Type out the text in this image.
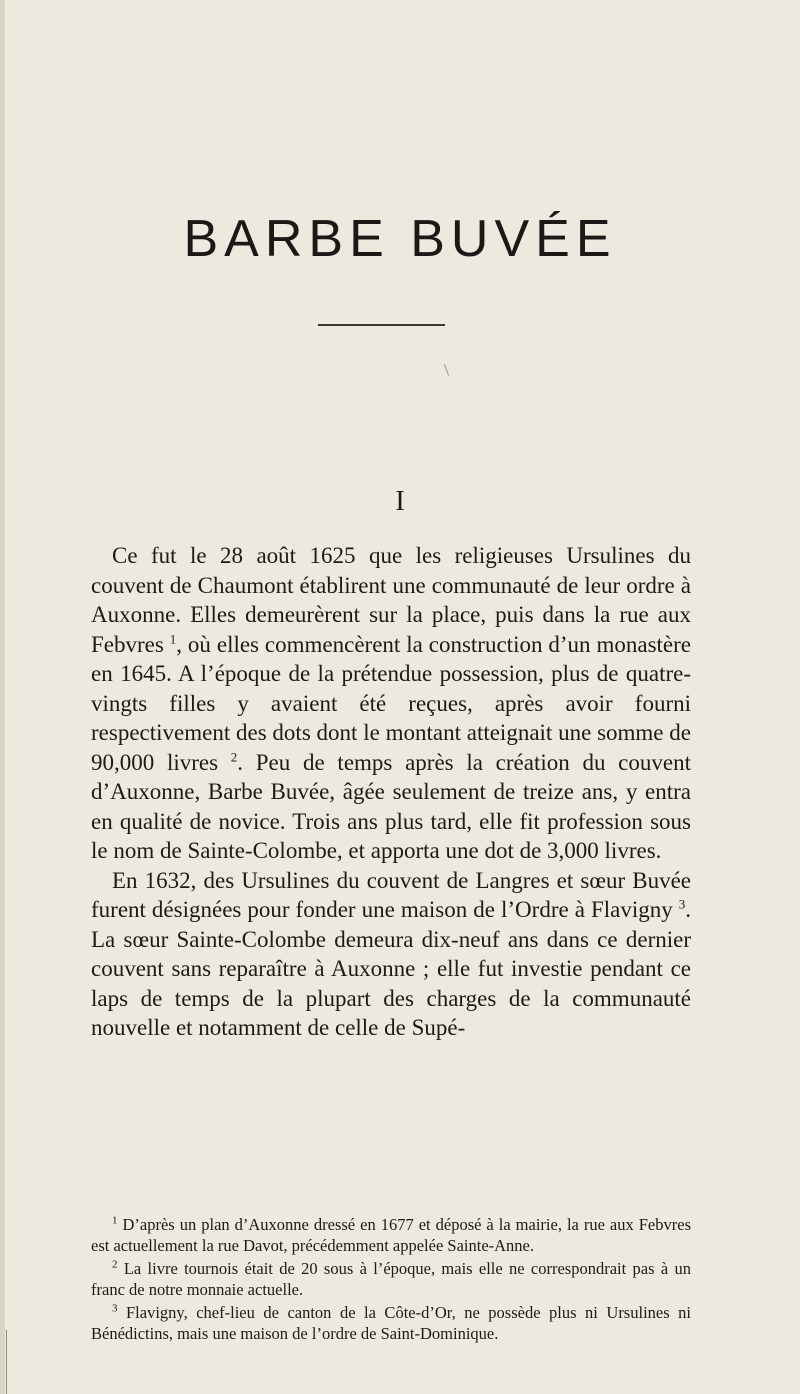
BARBE BUVÉE
I

Ce fut le 28 août 1625 que les religieuses Ursulines du couvent de Chaumont établirent une communauté de leur ordre à Auxonne. Elles demeurèrent sur la place, puis dans la rue aux Febvres $^1$, où elles commencèrent la construction d’un monastère en 1645. A l’époque de la prétendue possession, plus de quatre-vingts filles y avaient été reçues, après avoir fourni respectivement des dots dont le montant atteignait une somme de 90,000 livres $^2$. Peu de temps après la création du couvent d’Auxonne, Barbe Buvée, âgée seulement de treize ans, y entra en qualité de novice. Trois ans plus tard, elle fit profession sous le nom de Sainte-Colombe, et apporta une dot de 3,000 livres.

En 1632, des Ursulines du couvent de Langres et sœur Buvée furent désignées pour fonder une maison de l’Ordre à Flavigny $^3$. La sœur Sainte-Colombe demeura dix-neuf ans dans ce dernier couvent sans reparaître à Auxonne ; elle fut investie pendant ce laps de temps de la plupart des charges de la communauté nouvelle et notamment de celle de Supé-

$^1$ D’après un plan d’Auxonne dressé en 1677 et déposé à la mairie, la rue aux Febvres est actuellement la rue Davot, précédemment appelée Sainte-Anne.

$^2$ La livre tournois était de 20 sous à l’époque, mais elle ne correspondrait pas à un franc de notre monnaie actuelle.

$^3$ Flavigny, chef-lieu de canton de la Côte-d’Or, ne possède plus ni Ursulines ni Bénédictins, mais une maison de l’ordre de Saint-Dominique.
